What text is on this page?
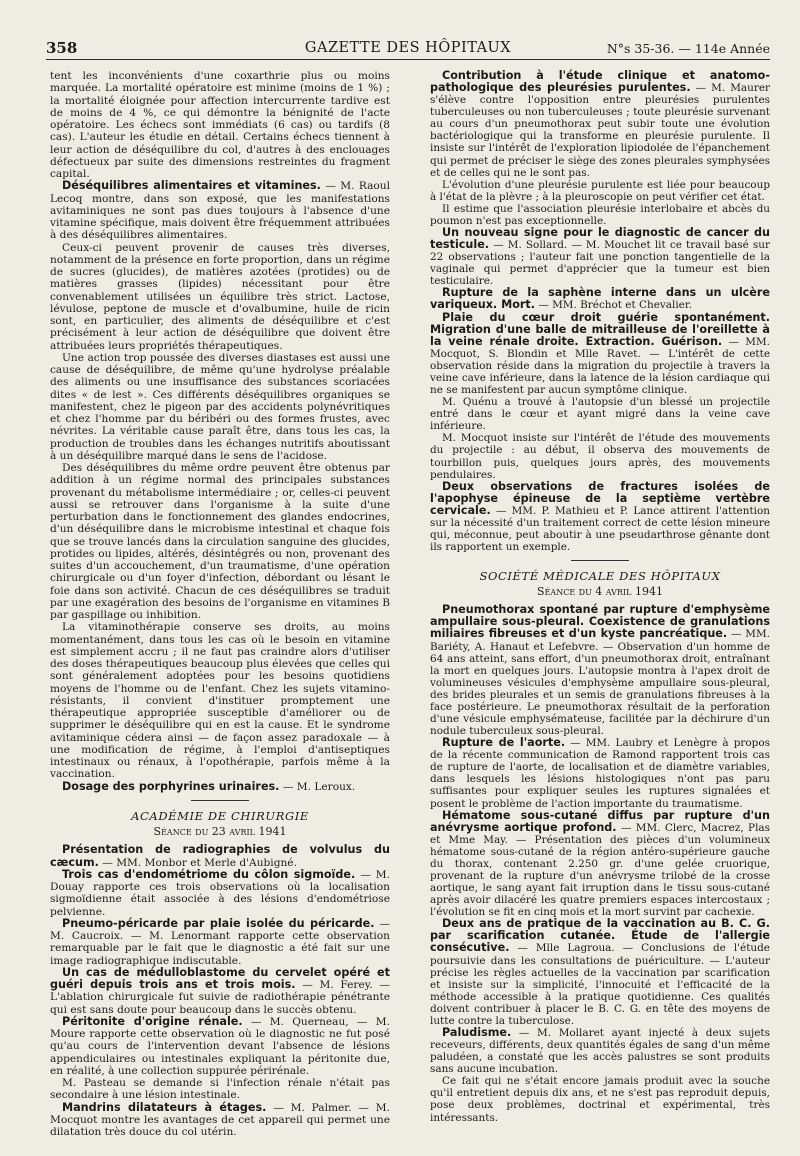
358	GAZETTE DES HÔPITAUX	N°s 35-36. — 114e Année

tent les inconvénients d'une coxarthrie plus ou moins marquée. La mortalité opératoire est minime (moins de 1 %) ; la mortalité éloignée pour affection intercurrente tardive est de moins de 4 %, ce qui démontre la bénignité de l'acte opératoire. Les échecs sont immédiats (6 cas) ou tardifs (8 cas). L'auteur les étudie en détail. Certains échecs tiennent à leur action de déséquilibre du col, d'autres à des enclouages défectueux par suite des dimensions restreintes du fragment capital.

Déséquilibres alimentaires et vitamines. — M. Raoul Lecoq montre, dans son exposé, que les manifestations avitaminiques ne sont pas dues toujours à l'absence d'une vitamine spécifique, mais doivent être fréquemment attribuées à des déséquilibres alimentaires.

Ceux-ci peuvent provenir de causes très diverses, notamment de la présence en forte proportion, dans un régime de sucres (glucides), de matières azotées (protides) ou de matières grasses (lipides) nécessitant pour être convenablement utilisées un équilibre très strict. Lactose, lévulose, peptone de muscle et d'ovalbumine, huile de ricin sont, en particulier, des aliments de déséquilibre et c'est précisément à leur action de déséquilibre que doivent être attribuées leurs propriétés thérapeutiques.

Une action trop poussée des diverses diastases est aussi une cause de déséquilibre, de même qu'une hydrolyse préalable des aliments ou une insuffisance des substances scoriacées dites « de lest ». Ces différents déséquilibres organiques se manifestent, chez le pigeon par des accidents polynévritiques et chez l'homme par du béribéri ou des formes frustes, avec névrites. La véritable cause paraît être, dans tous les cas, la production de troubles dans les échanges nutritifs aboutissant à un déséquilibre marqué dans le sens de l'acidose.

Des déséquilibres du même ordre peuvent être obtenus par addition à un régime normal des principales substances provenant du métabolisme intermédiaire ; or, celles-ci peuvent aussi se retrouver dans l'organisme à la suite d'une perturbation dans le fonctionnement des glandes endocrines, d'un déséquilibre dans le microbisme intestinal et chaque fois que se trouve lancés dans la circulation sanguine des glucides, protides ou lipides, altérés, désintégrés ou non, provenant des suites d'un accouchement, d'un traumatisme, d'une opération chirurgicale ou d'un foyer d'infection, débordant ou lésant le foie dans son activité. Chacun de ces déséquilibres se traduit par une exagération des besoins de l'organisme en vitamines B par gaspillage ou inhibition.

La vitaminothérapie conserve ses droits, au moins momentanément, dans tous les cas où le besoin en vitamine est simplement accru ; il ne faut pas craindre alors d'utiliser des doses thérapeutiques beaucoup plus élevées que celles qui sont généralement adoptées pour les besoins quotidiens moyens de l'homme ou de l'enfant. Chez les sujets vitamino-résistants, il convient d'instituer promptement une thérapeutique appropriée susceptible d'améliorer ou de supprimer le déséquilibre qui en est la cause. Et le syndrome avitaminique cédera ainsi — de façon assez paradoxale — à une modification de régime, à l'emploi d'antiseptiques intestinaux ou rénaux, à l'opothérapie, parfois même à la vaccination.

Dosage des porphyrines urinaires. — M. Leroux.

ACADÉMIE DE CHIRURGIE
Séance du 23 avril 1941

Présentation de radiographies de volvulus du cæcum. — MM. Monbor et Merle d'Aubigné.

Trois cas d'endométriome du côlon sigmoïde. — M. Douay rapporte ces trois observations où la localisation sigmoïdienne était associée à des lésions d'endométriose pelvienne.

Pneumo-péricarde par plaie isolée du péricarde. — M. Caucroix. — M. Lenormant rapporte cette observation remarquable par le fait que le diagnostic a été fait sur une image radiographique indiscutable.

Un cas de médulloblastome du cervelet opéré et guéri depuis trois ans et trois mois. — M. Ferey. — L'ablation chirurgicale fut suivie de radiothérapie pénétrante qui est sans doute pour beaucoup dans le succès obtenu.

Péritonite d'origine rénale. — M. Querneau, — M. Moure rapporte cette observation où le diagnostic ne fut posé qu'au cours de l'intervention devant l'absence de lésions appendiculaires ou intestinales expliquant la péritonite due, en réalité, à une collection suppurée périrénale.

M. Pasteau se demande si l'infection rénale n'était pas secondaire à une lésion intestinale.

Mandrins dilatateurs à étages. — M. Palmer. — M. Mocquot montre les avantages de cet appareil qui permet une dilatation très douce du col utérin.

Contribution à l'étude clinique et anatomo-pathologique des pleurésies purulentes. — M. Maurer s'élève contre l'opposition entre pleurésies purulentes tuberculeuses ou non tuberculeuses ; toute pleurésie survenant au cours d'un pneumothorax peut subir toute une évolution bactériologique qui la transforme en pleurésie purulente. Il insiste sur l'intérêt de l'exploration lipiodolée de l'épanchement qui permet de préciser le siège des zones pleurales symphysées et de celles qui ne le sont pas.

L'évolution d'une pleurésie purulente est liée pour beaucoup à l'état de la plèvre ; à la pleuroscopie on peut vérifier cet état.

Il estime que l'association pleurésie interlobaire et abcès du poumon n'est pas exceptionnelle.

Un nouveau signe pour le diagnostic de cancer du testicule. — M. Sollard. — M. Mouchet lit ce travail basé sur 22 observations ; l'auteur fait une ponction tangentielle de la vaginale qui permet d'apprécier que la tumeur est bien testiculaire.

Rupture de la saphène interne dans un ulcère variqueux. Mort. — MM. Bréchot et Chevalier.

Plaie du cœur droit guérie spontanément. Migration d'une balle de mitrailleuse de l'oreillette à la veine rénale droite. Extraction. Guérison. — MM. Mocquot, S. Blondin et Mlle Ravet. — L'intérêt de cette observation réside dans la migration du projectile à travers la veine cave inférieure, dans la latence de la lésion cardiaque qui ne se manifestent par aucun symptôme clinique.

M. Quénu a trouvé à l'autopsie d'un blessé un projectile entré dans le cœur et ayant migré dans la veine cave inférieure.

M. Mocquot insiste sur l'intérêt de l'étude des mouvements du projectile : au début, il observa des mouvements de tourbillon puis, quelques jours après, des mouvements pendulaires.

Deux observations de fractures isolées de l'apophyse épineuse de la septième vertèbre cervicale. — MM. P. Mathieu et P. Lance attirent l'attention sur la nécessité d'un traitement correct de cette lésion mineure qui, méconnue, peut aboutir à une pseudarthrose gênante dont ils rapportent un exemple.

SOCIÉTÉ MÉDICALE DES HÔPITAUX
Séance du 4 avril 1941

Pneumothorax spontané par rupture d'emphysème ampullaire sous-pleural. Coexistence de granulations miliaires fibreuses et d'un kyste pancréatique. — MM. Bariéty, A. Hanaut et Lefebvre. — Observation d'un homme de 64 ans atteint, sans effort, d'un pneumothorax droit, entraînant la mort en quelques jours. L'autopsie montra à l'apex droit de volumineuses vésicules d'emphysème ampullaire sous-pleural, des brides pleurales et un semis de granulations fibreuses à la face postérieure. Le pneumothorax résultait de la perforation d'une vésicule emphysémateuse, facilitée par la déchirure d'un nodule tuberculeux sous-pleural.

Rupture de l'aorte. — MM. Laubry et Lenègre à propos de la récente communication de Ramond rapportent trois cas de rupture de l'aorte, de localisation et de diamètre variables, dans lesquels les lésions histologiques n'ont pas paru suffisantes pour expliquer seules les ruptures signalées et posent le problème de l'action importante du traumatisme.

Hématome sous-cutané diffus par rupture d'un anévrysme aortique profond. — MM. Clerc, Macrez, Plas et Mme May. — Présentation des pièces d'un volumineux hématome sous-cutané de la région antéro-supérieure gauche du thorax, contenant 2.250 gr. d'une gelée cruorique, provenant de la rupture d'un anévrysme trilobé de la crosse aortique, le sang ayant fait irruption dans le tissu sous-cutané après avoir dilacéré les quatre premiers espaces intercostaux ; l'évolution se fit en cinq mois et la mort survint par cachexie.

Deux ans de pratique de la vaccination au B. C. G. par scarification cutanée. Étude de l'allergie consécutive. — Mlle Lagroua. — Conclusions de l'étude poursuivie dans les consultations de puériculture. — L'auteur précise les règles actuelles de la vaccination par scarification et insiste sur la simplicité, l'innocuité et l'efficacité de la méthode accessible à la pratique quotidienne. Ces qualités doivent contribuer à placer le B. C. G. en tête des moyens de lutte contre la tuberculose.

Paludisme. — M. Mollaret ayant injecté à deux sujets receveurs, différents, deux quantités égales de sang d'un même paludéen, a constaté que les accès palustres se sont produits sans aucune incubation.

Ce fait qui ne s'était encore jamais produit avec la souche qu'il entretient depuis dix ans, et ne s'est pas reproduit depuis, pose deux problèmes, doctrinal et expérimental, très intéressants.
